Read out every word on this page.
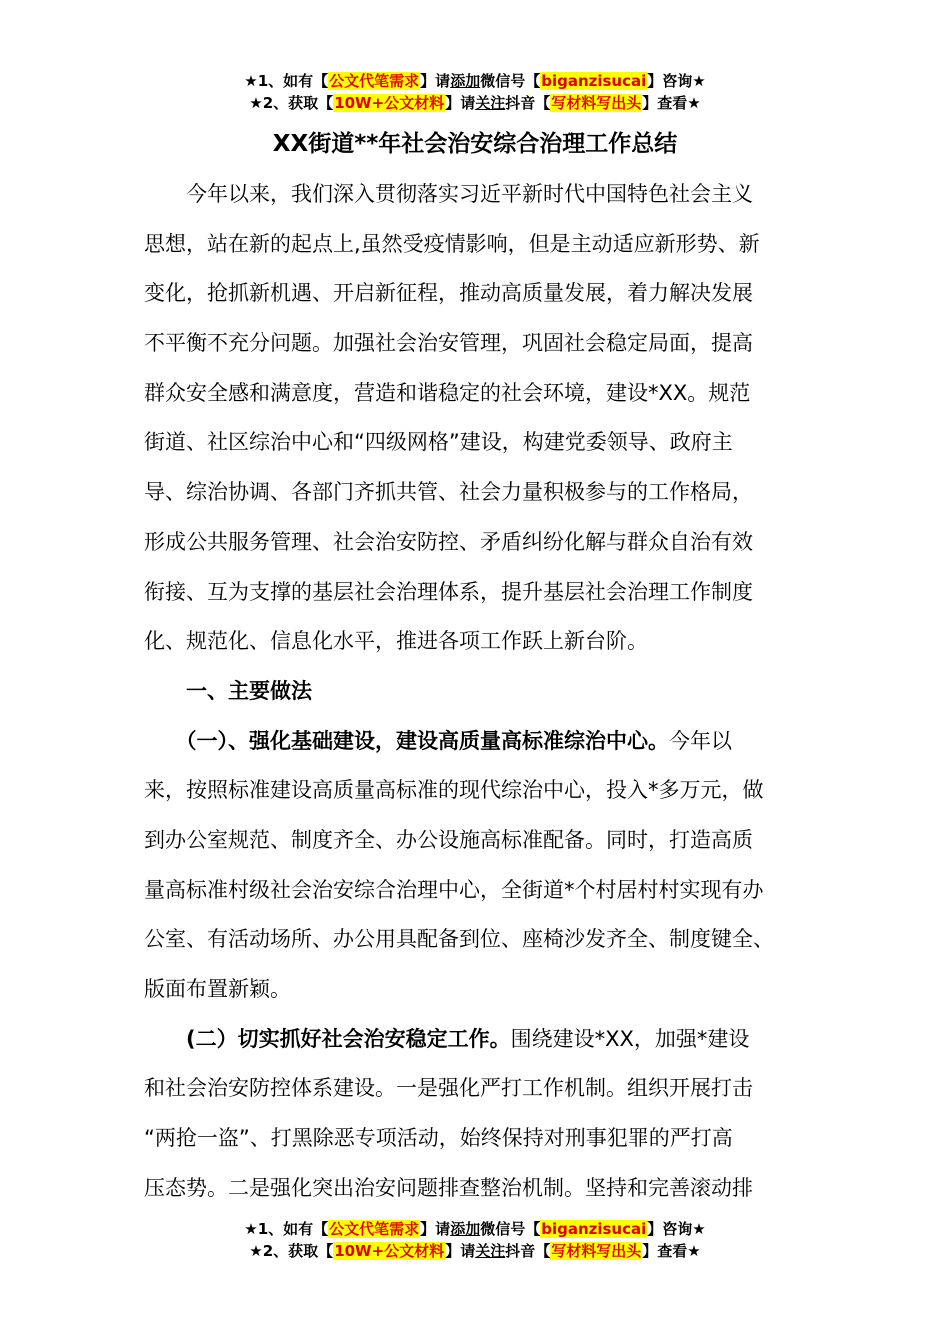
★1、如有【公文代笔需求】请添加微信号【biganzisucai】咨询★
★2、获取【10W+公文材料】请关注抖音【写材料写出头】查看★
XX街道**年社会治安综合治理工作总结
　　今年以来，我们深入贯彻落实习近平新时代中国特色社会主义
思想，站在新的起点上,虽然受疫情影响，但是主动适应新形势、新
变化，抢抓新机遇、开启新征程，推动高质量发展，着力解决发展
不平衡不充分问题。加强社会治安管理，巩固社会稳定局面，提高
群众安全感和满意度，营造和谐稳定的社会环境，建设*XX。规范
街道、社区综治中心和“四级网格”建设，构建党委领导、政府主
导、综治协调、各部门齐抓共管、社会力量积极参与的工作格局，
形成公共服务管理、社会治安防控、矛盾纠纷化解与群众自治有效
衔接、互为支撑的基层社会治理体系，提升基层社会治理工作制度
化、规范化、信息化水平，推进各项工作跃上新台阶。
　　一、主要做法
　　（一）、强化基础建设，建设高质量高标准综治中心。今年以
来，按照标准建设高质量高标准的现代综治中心，投入*多万元，做
到办公室规范、制度齐全、办公设施高标准配备。同时，打造高质
量高标准村级社会治安综合治理中心，全街道*个村居村村实现有办
公室、有活动场所、办公用具配备到位、座椅沙发齐全、制度键全、
版面布置新颖。
　　(二）切实抓好社会治安稳定工作。围绕建设*XX，加强*建设
和社会治安防控体系建设。一是强化严打工作机制。组织开展打击
“两抢一盗”、打黑除恶专项活动，始终保持对刑事犯罪的严打高
压态势。二是强化突出治安问题排查整治机制。坚持和完善滚动排
★1、如有【公文代笔需求】请添加微信号【biganzisucai】咨询★
★2、获取【10W+公文材料】请关注抖音【写材料写出头】查看★
